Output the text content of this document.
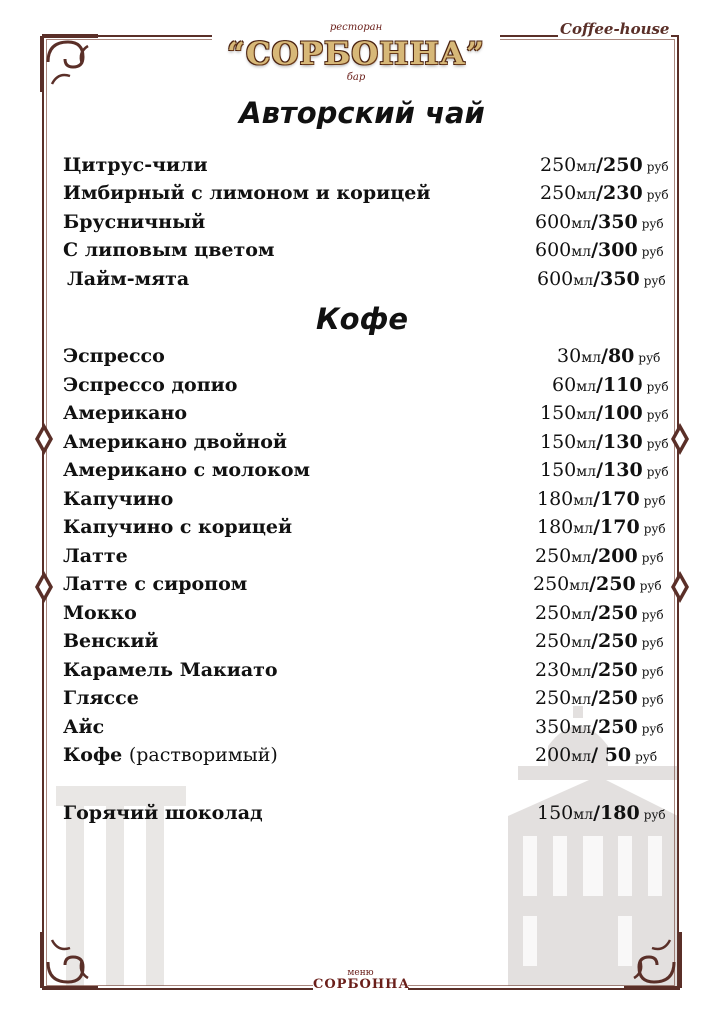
ресторан
“СОРБОННА”
бар
Coffee-house
Авторский чай
Цитрус-чили	250мл/250 руб
Имбирный с лимоном и корицей	250мл/230 руб
Брусничный	600мл/350 руб
С липовым цветом	600мл/300 руб
Лайм-мята	600мл/350 руб
Кофе
Эспрессо	30мл/80 руб
Эспрессо допио	60мл/110 руб
Американо	150мл/100 руб
Американо двойной	150мл/130 руб
Американо с молоком	150мл/130 руб
Капучино	180мл/170 руб
Капучино с корицей	180мл/170 руб
Латте	250мл/200 руб
Латте с сиропом	250мл/250 руб
Мокко	250мл/250 руб
Венский	250мл/250 руб
Карамель Макиато	230мл/250 руб
Гляссе	250мл/250 руб
Айс	350мл/250 руб
Кофе (растворимый)	200мл/ 50 руб
Горячий шоколад	150мл/180 руб
меню
СОРБОННА
